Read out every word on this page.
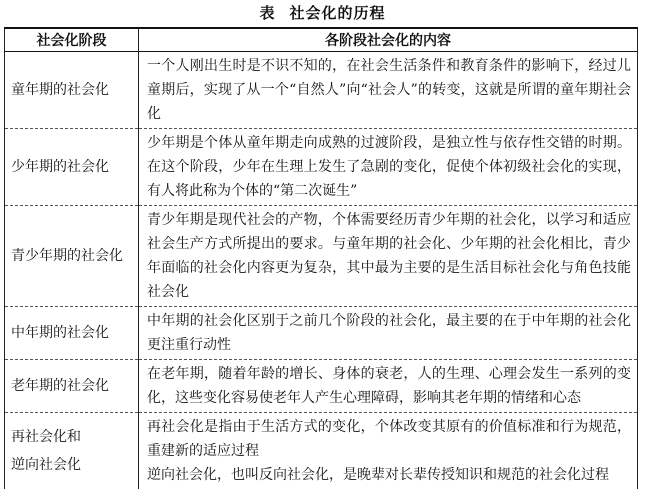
表 社会化的历程
社会化阶段	各阶段社会化的内容

童年期的社会化	一个人刚出生时是不识不知的，在社会生活条件和教育条件的影响下，经过儿童期后，实现了从一个“自然人”向“社会人”的转变，这就是所谓的童年期社会化

少年期的社会化	少年期是个体从童年期走向成熟的过渡阶段，是独立性与依存性交错的时期。在这个阶段，少年在生理上发生了急剧的变化，促使个体初级社会化的实现，有人将此称为个体的“第二次诞生”

青少年期的社会化	青少年期是现代社会的产物，个体需要经历青少年期的社会化，以学习和适应社会生产方式所提出的要求。与童年期的社会化、少年期的社会化相比，青少年面临的社会化内容更为复杂，其中最为主要的是生活目标社会化与角色技能社会化

中年期的社会化	中年期的社会化区别于之前几个阶段的社会化，最主要的在于中年期的社会化更注重行动性

老年期的社会化	在老年期，随着年龄的增长、身体的衰老，人的生理、心理会发生一系列的变化，这些变化容易使老年人产生心理障碍，影响其老年期的情绪和心态

再社会化和
逆向社会化	再社会化是指由于生活方式的变化，个体改变其原有的价值标准和行为规范，重建新的适应过程
逆向社会化，也叫反向社会化，是晚辈对长辈传授知识和规范的社会化过程
